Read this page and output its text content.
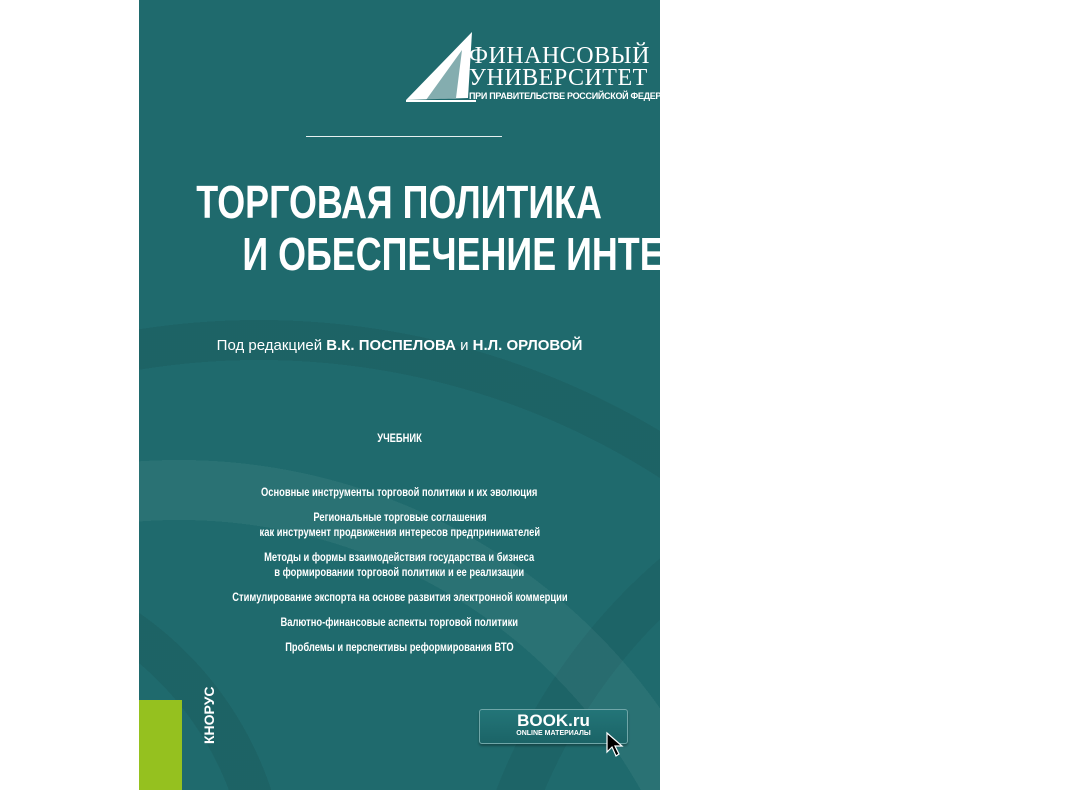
ФИНАНСОВЫЙ
УНИВЕРСИТЕТ
ПРИ ПРАВИТЕЛЬСТВЕ РОССИЙСКОЙ ФЕДЕРАЦИИ
ТОРГОВАЯ ПОЛИТИКА
И ОБЕСПЕЧЕНИЕ ИНТЕРЕСОВ БИЗНЕСА
Под редакцией В.К. ПОСПЕЛОВА и Н.Л. ОРЛОВОЙ
УЧЕБНИК
Основные инструменты торговой политики и их эволюция
Региональные торговые соглашения
как инструмент продвижения интересов предпринимателей
Методы и формы взаимодействия государства и бизнеса
в формировании торговой политики и ее реализации
Стимулирование экспорта на основе развития электронной коммерции
Валютно-финансовые аспекты торговой политики
Проблемы и перспективы реформирования ВТО
КНОРУС	BOOK.ru
ONLINE МАТЕРИАЛЫ
